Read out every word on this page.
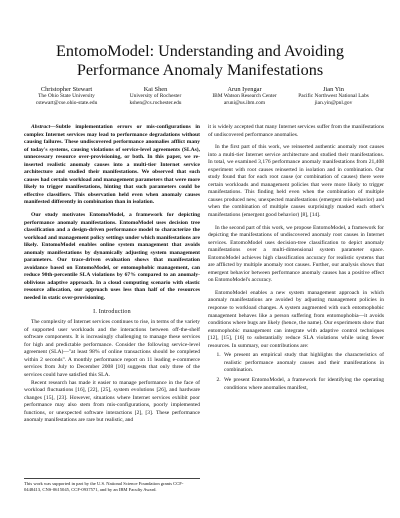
EntomoModel: Understanding and Avoiding
Performance Anomaly Manifestations
Christopher Stewart
The Ohio State University
cstewart@cse.ohio-state.edu
Kai Shen
University of Rochester
kshen@cs.rochester.edu
Arun Iyengar
IBM Watson Research Center
aruni@us.ibm.com
Jian Yin
Pacific Northwest National Labs
jian.yin@pnl.gov

Abstract—Subtle implementation errors or mis-configurations in complex Internet services may lead to performance degradations without causing failures. These undiscovered performance anomalies afflict many of today's systems, causing violations of service-level agreements (SLAs), unnecessary resource over-provisioning, or both. In this paper, we re-inserted realistic anomaly causes into a multi-tier Internet service architecture and studied their manifestations. We observed that such causes had certain workload and management parameters that were more likely to trigger manifestations, hinting that such parameters could be effective classifiers. This observation held even when anomaly causes manifested differently in combination than in isolation.

Our study motivates EntomoModel, a framework for depicting performance anomaly manifestations. EntomoModel uses decision tree classification and a design-driven performance model to characterize the workload and management policy settings under which manifestations are likely. EntomoModel enables online system management that avoids anomaly manifestations by dynamically adjusting system management parameters. Our trace-driven evaluation shows that manifestation avoidance based on EntomoModel, or entomophobic management, can reduce 90th-percentile SLA violations by 67% compared to an anomaly-oblivious adaptive approach. In a cloud computing scenario with elastic resource allocation, our approach uses less than half of the resources needed in static over-provisioning.

I. Introduction

The complexity of Internet services continues to rise, in terms of the variety of supported user workloads and the interactions between off-the-shelf software components. It is increasingly challenging to manage these services for high and predictable performance. Consider the following service-level agreement (SLA)—"at least 98% of online transactions should be completed within 2 seconds". A monthly performance report on 11 leading e-commerce services from July to December 2008 [10] suggests that only three of the services could have satisfied this SLA.

Recent research has made it easier to manage performance in the face of workload fluctuations [16], [22], [25], system evolutions [26], and hardware changes [15], [23]. However, situations where Internet services exhibit poor performance may also stem from mis-configurations, poorly implemented functions, or unexpected software interactions [2], [3]. These performance anomaly manifestations are rare but realistic, and

This work was supported in part by the U.S. National Science Foundation grants CCF-0448413, CNS-0615045, CCF-0937571, and by an IBM Faculty Award.

it is widely accepted that many Internet services suffer from the manifestations of undiscovered performance anomalies.

In the first part of this work, we reinserted authentic anomaly root causes into a multi-tier Internet service architecture and studied their manifestations. In total, we examined 3,176 performance anomaly manifestations from 21,408 experiment with root causes reinserted in isolation and in combination. Our study found that for each root cause (or combination of causes) there were certain workloads and management policies that were more likely to trigger manifestations. This finding held even when the combination of multiple causes produced new, unexpected manifestations (emergent mis-behavior) and when the combination of multiple causes surprisingly masked each other's manifestations (emergent good behavior) [8], [14].

In the second part of this work, we propose EntomoModel, a framework for depicting the manifestations of undiscovered anomaly root causes in Internet services. EntomoModel uses decision-tree classification to depict anomaly manifestations over a multi-dimensional system parameter space. EntomoModel achieves high classification accuracy for realistic systems that are afflicted by multiple anomaly root causes. Further, our analysis shows that emergent behavior between performance anomaly causes has a positive effect on EntomoModel's accuracy.

EntomoModel enables a new system management approach in which anomaly manifestations are avoided by adjusting management policies in response to workload changes. A system augmented with such entomophobic management behaves like a person suffering from entomophobia—it avoids conditions where bugs are likely (hence, the name). Our experiments show that entomophobic management can integrate with adaptive control techniques [12], [15], [16] to substantially reduce SLA violations while using fewer resources. In summary, our contributions are:

1. We present an empirical study that highlights the characteristics of realistic performance anomaly causes and their manifestations in combination.
2. We present EntomoModel, a framework for identifying the operating conditions where anomalies manifest,
